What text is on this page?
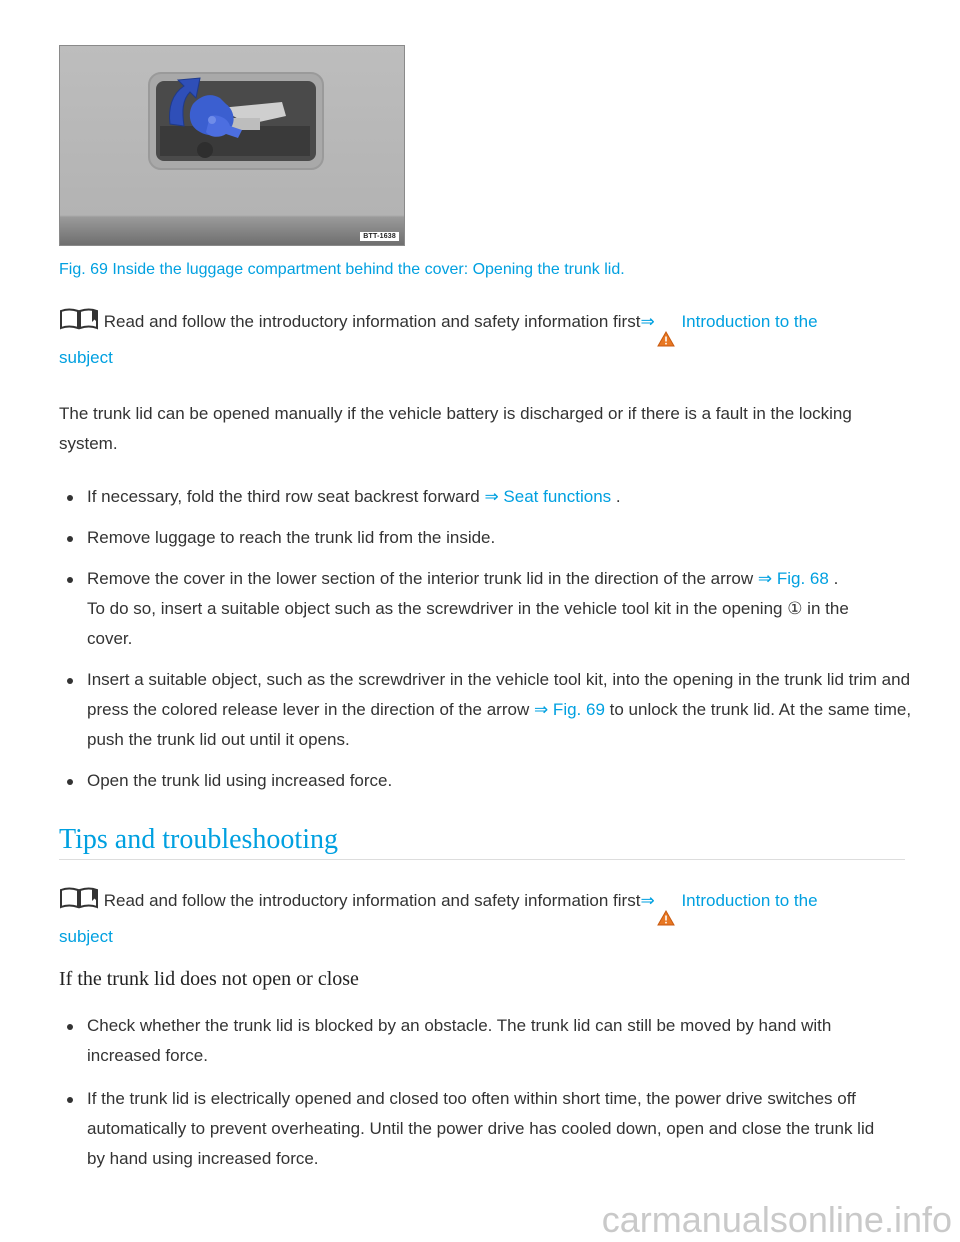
BTT-1638
Fig. 69 Inside the luggage compartment behind the cover: Opening the trunk lid.
Read and follow the introductory information and safety information first⇒ Introduction to the
subject
The trunk lid can be opened manually if the vehicle battery is discharged or if there is a fault in the locking system.
If necessary, fold the third row seat backrest forward ⇒ Seat functions .
Remove luggage to reach the trunk lid from the inside.
Remove the cover in the lower section of the interior trunk lid in the direction of the arrow ⇒ Fig. 68 . To do so, insert a suitable object such as the screwdriver in the vehicle tool kit in the opening ① in the cover.
Insert a suitable object, such as the screwdriver in the vehicle tool kit, into the opening in the trunk lid trim and press the colored release lever in the direction of the arrow ⇒ Fig. 69 to unlock the trunk lid. At the same time, push the trunk lid out until it opens.
Open the trunk lid using increased force.
Tips and troubleshooting
Read and follow the introductory information and safety information first⇒ Introduction to the
subject
If the trunk lid does not open or close
Check whether the trunk lid is blocked by an obstacle. The trunk lid can still be moved by hand with increased force.
If the trunk lid is electrically opened and closed too often within short time, the power drive switches off automatically to prevent overheating. Until the power drive has cooled down, open and close the trunk lid by hand using increased force.
carmanualsonline.info
